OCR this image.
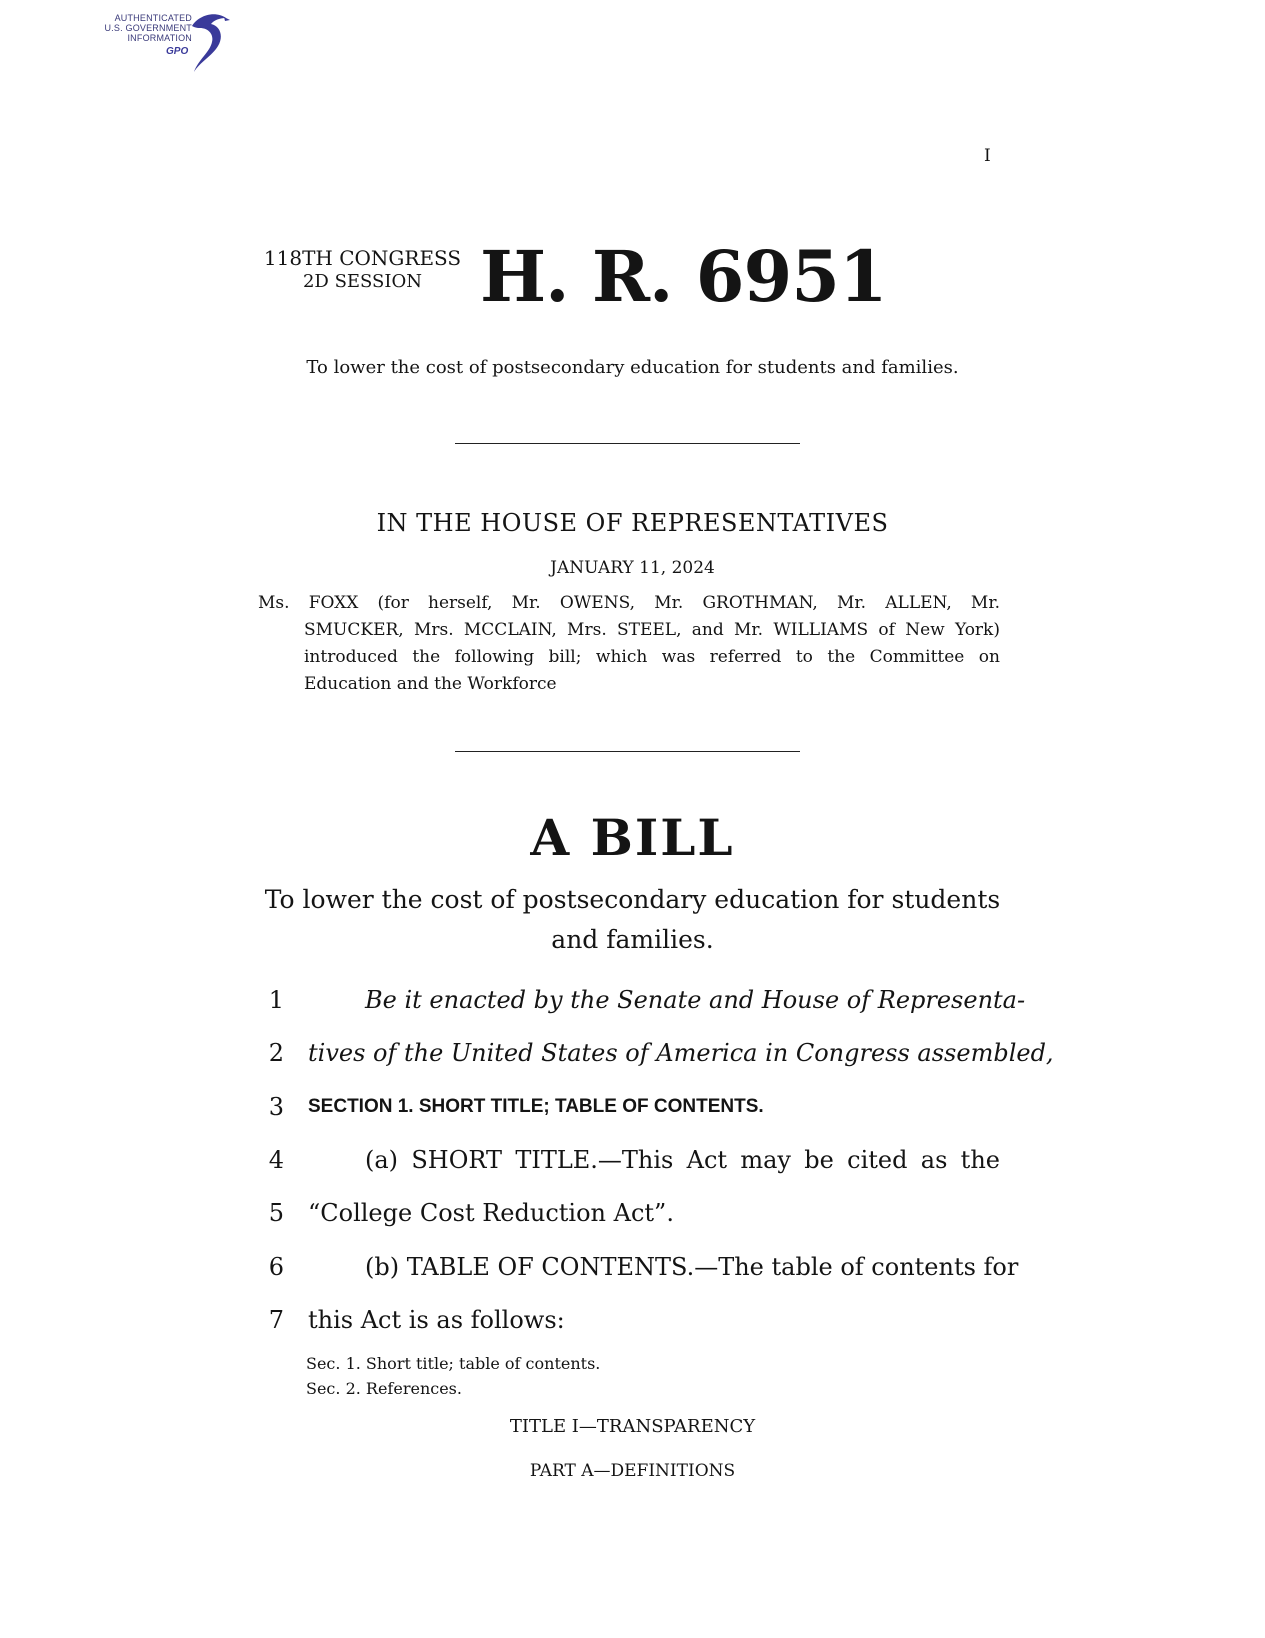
AUTHENTICATED
U.S. GOVERNMENT
INFORMATION
GPO
I
118TH CONGRESS
2D SESSION H. R. 6951
To lower the cost of postsecondary education for students and families.
IN THE HOUSE OF REPRESENTATIVES
JANUARY 11, 2024
Ms. FOXX (for herself, Mr. OWENS, Mr. GROTHMAN, Mr. ALLEN, Mr.
SMUCKER, Mrs. MCCLAIN, Mrs. STEEL, and Mr. WILLIAMS of New York)
introduced the following bill; which was referred to the Committee on
Education and the Workforce
A BILL
To lower the cost of postsecondary education for students
and families.
1	Be it enacted by the Senate and House of Representa-
2 tives of the United States of America in Congress assembled,
3 SECTION 1. SHORT TITLE; TABLE OF CONTENTS.
4	(a) SHORT TITLE.—This Act may be cited as the
5 “College Cost Reduction Act”.
6	(b) TABLE OF CONTENTS.—The table of contents for
7 this Act is as follows:
Sec. 1. Short title; table of contents.
Sec. 2. References.
TITLE I—TRANSPARENCY
PART A—DEFINITIONS
